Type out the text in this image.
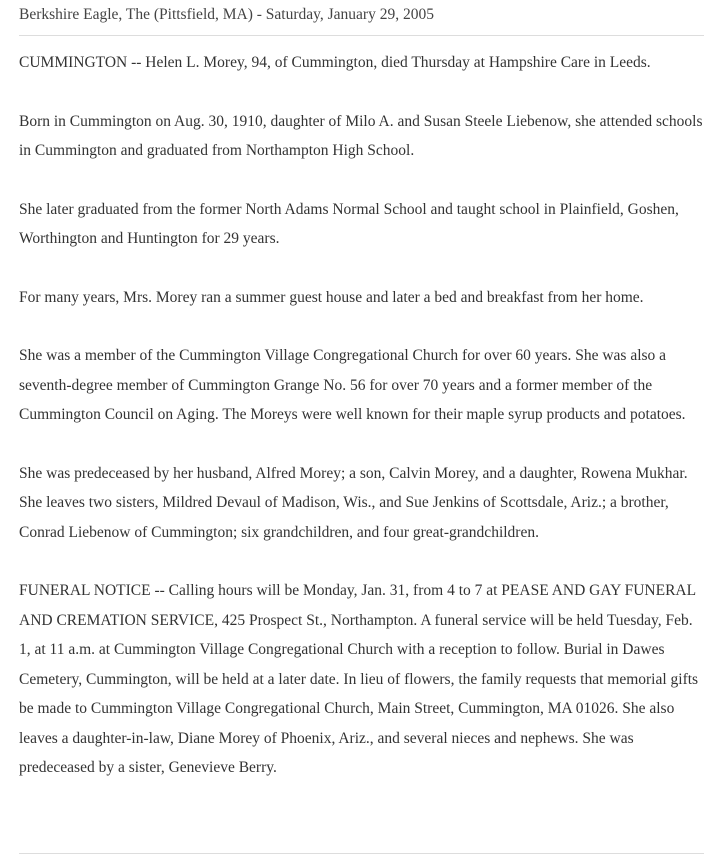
Berkshire Eagle, The (Pittsfield, MA) - Saturday, January 29, 2005

CUMMINGTON -- Helen L. Morey, 94, of Cummington, died Thursday at Hampshire Care in Leeds.

Born in Cummington on Aug. 30, 1910, daughter of Milo A. and Susan Steele Liebenow, she attended schools in Cummington and graduated from Northampton High School.

She later graduated from the former North Adams Normal School and taught school in Plainfield, Goshen, Worthington and Huntington for 29 years.

For many years, Mrs. Morey ran a summer guest house and later a bed and breakfast from her home.

She was a member of the Cummington Village Congregational Church for over 60 years. She was also a seventh-degree member of Cummington Grange No. 56 for over 70 years and a former member of the Cummington Council on Aging. The Moreys were well known for their maple syrup products and potatoes.

She was predeceased by her husband, Alfred Morey; a son, Calvin Morey, and a daughter, Rowena Mukhar. She leaves two sisters, Mildred Devaul of Madison, Wis., and Sue Jenkins of Scottsdale, Ariz.; a brother, Conrad Liebenow of Cummington; six grandchildren, and four great-grandchildren.

FUNERAL NOTICE -- Calling hours will be Monday, Jan. 31, from 4 to 7 at PEASE AND GAY FUNERAL AND CREMATION SERVICE, 425 Prospect St., Northampton. A funeral service will be held Tuesday, Feb. 1, at 11 a.m. at Cummington Village Congregational Church with a reception to follow. Burial in Dawes Cemetery, Cummington, will be held at a later date. In lieu of flowers, the family requests that memorial gifts be made to Cummington Village Congregational Church, Main Street, Cummington, MA 01026. She also leaves a daughter-in-law, Diane Morey of Phoenix, Ariz., and several nieces and nephews. She was predeceased by a sister, Genevieve Berry.
